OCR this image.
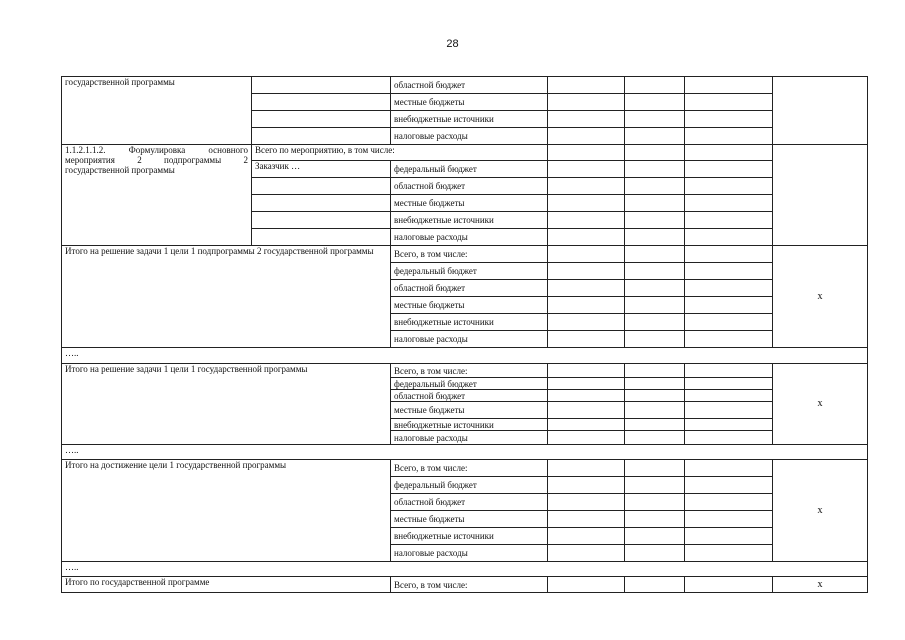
28
государственной программы		областной бюджет				
		местные бюджеты				
		внебюджетные источники				
		налоговые расходы				
1.1.2.1.1.2. Формулировка основного мероприятия 2 подпрограммы 2 государственной программы	Всего по мероприятию, в том числе:					
	Заказчик …	федеральный бюджет				
		областной бюджет				
		местные бюджеты				
		внебюджетные источники				
		налоговые расходы				

Итого на решение задачи 1 цели 1 подпрограммы 2 государственной программы		Всего, в том числе:				х
		федеральный бюджет				
		областной бюджет				
		местные бюджеты				
		внебюджетные источники				
		налоговые расходы				
…..						
Итого на решение задачи 1 цели 1 государственной программы		Всего, в том числе:				х
		федеральный бюджет				
		областной бюджет				
		местные бюджеты				
		внебюджетные источники				
		налоговые расходы				
…..						
Итого на достижение цели 1 государственной программы		Всего, в том числе:				х
		федеральный бюджет				
		областной бюджет				
		местные бюджеты				
		внебюджетные источники				
		налоговые расходы				
…..						
Итого по государственной программе		Всего, в том числе:				х
